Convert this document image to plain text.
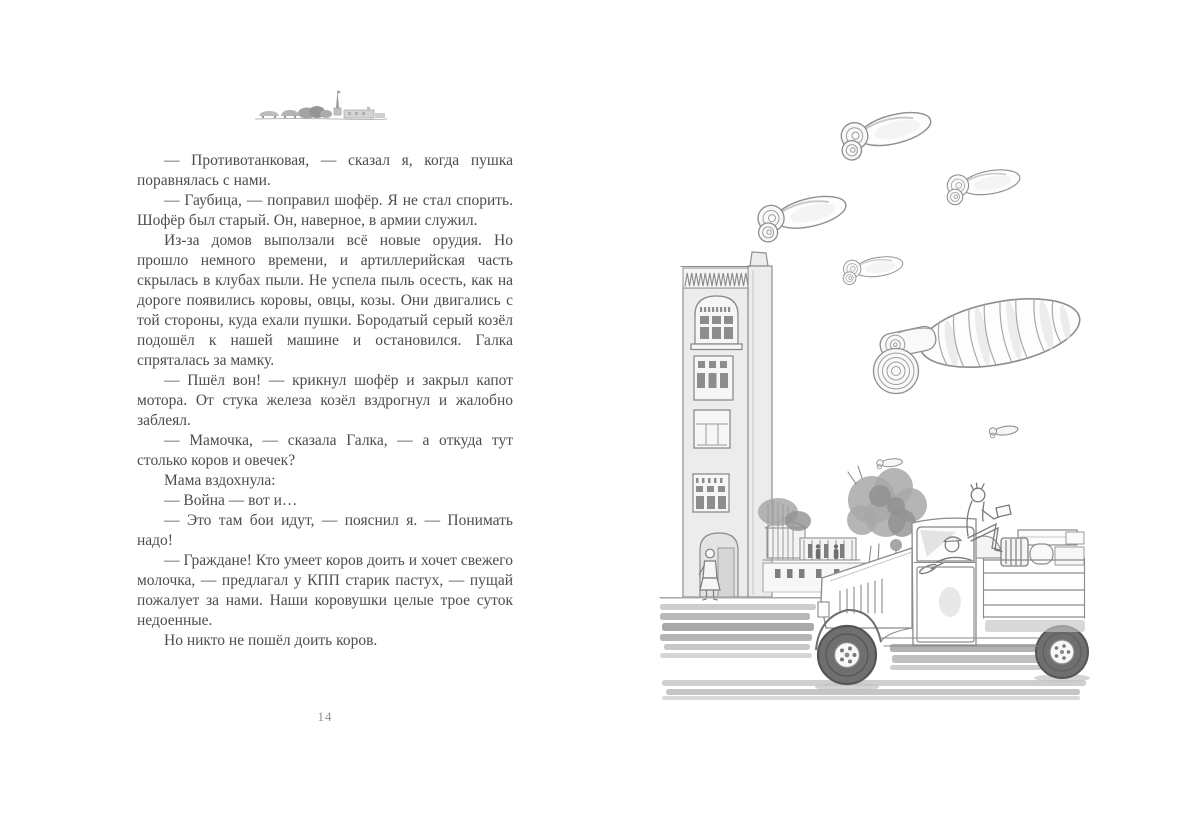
— Противотанковая, — сказал я, когда пушка поравнялась с нами.

— Гаубица, — поправил шофёр. Я не стал спорить. Шофёр был старый. Он, наверное, в армии служил.

Из-за домов выползали всё новые орудия. Но прошло немного времени, и артиллерийская часть скрылась в клубах пыли. Не успела пыль осесть, как на дороге появились коровы, овцы, козы. Они двигались с той стороны, куда ехали пушки. Бородатый серый козёл подошёл к нашей машине и остановился. Галка спряталась за мамку.

— Пшёл вон! — крикнул шофёр и закрыл капот мотора. От стука железа козёл вздрогнул и жалобно заблеял.

— Мамочка, — сказала Галка, — а откуда тут столько коров и овечек?

Мама вздохнула:

— Война — вот и…

— Это там бои идут, — пояснил я. — Понимать надо!

— Граждане! Кто умеет коров доить и хочет свежего молочка, — предлагал у КПП старик пастух, — пущай пожалует за нами. Наши коровушки целые трое суток недоенные.

Но никто не пошёл доить коров.

14
